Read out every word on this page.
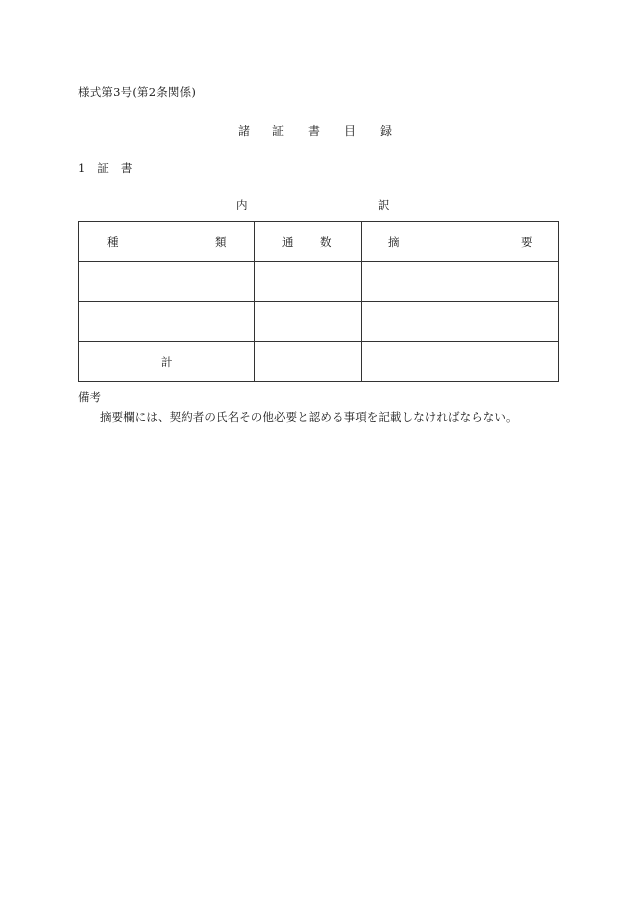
様式第3号(第2条関係)
諸 証 書 目 録
1 証 書
内	訳
種 類	通 数	摘 要

計		

備考
摘要欄には、契約者の氏名その他必要と認める事項を記載しなければならない。
